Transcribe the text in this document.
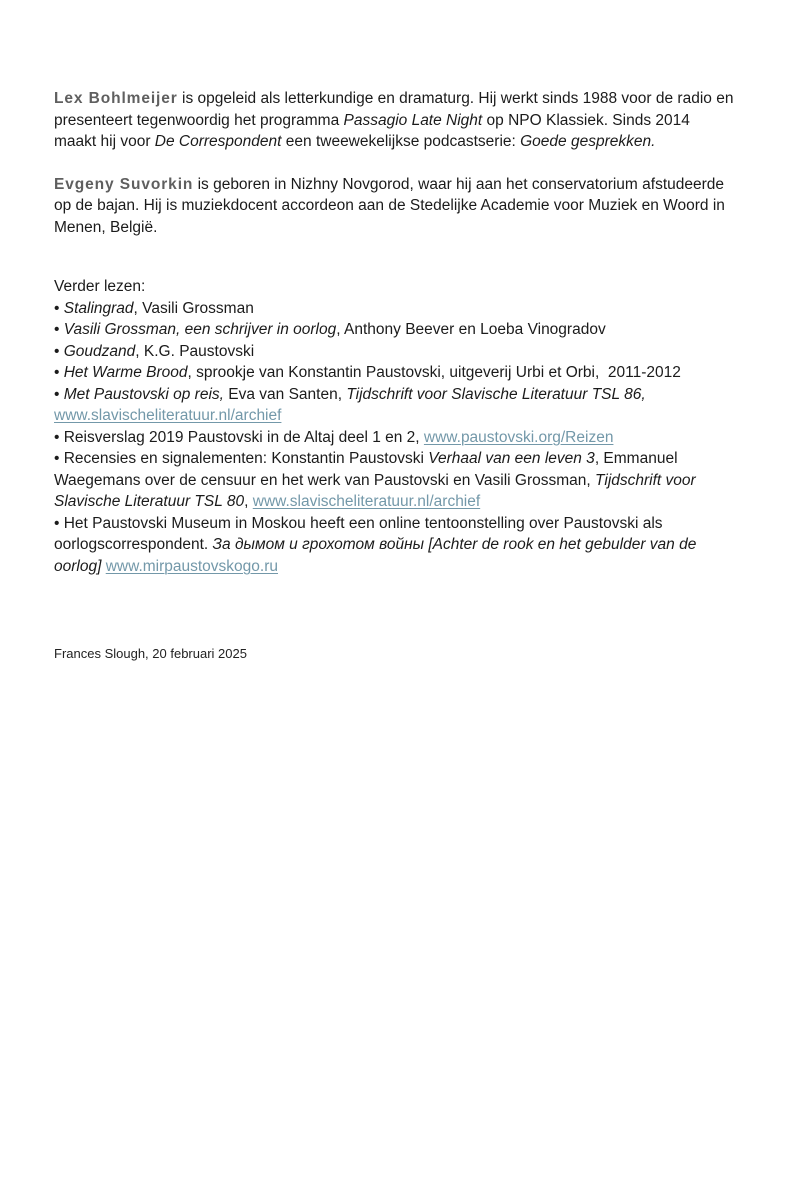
Lex Bohlmeijer is opgeleid als letterkundige en dramaturg. Hij werkt sinds 1988 voor de radio en presenteert tegenwoordig het programma Passagio Late Night op NPO Klassiek. Sinds 2014 maakt hij voor De Correspondent een tweewekelijkse podcastserie: Goede gesprekken.

Evgeny Suvorkin is geboren in Nizhny Novgorod, waar hij aan het conservatorium afstudeerde op de bajan. Hij is muziekdocent accordeon aan de Stedelijke Academie voor Muziek en Woord in Menen, België.

Verder lezen:

• Stalingrad, Vasili Grossman
• Vasili Grossman, een schrijver in oorlog, Anthony Beever en Loeba Vinogradov
• Goudzand, K.G. Paustovski
• Het Warme Brood, sprookje van Konstantin Paustovski, uitgeverij Urbi et Orbi,  2011-2012
• Met Paustovski op reis, Eva van Santen, Tijdschrift voor Slavische Literatuur TSL 86, www.slavischeliteratuur.nl/archief
• Reisverslag 2019 Paustovski in de Altaj deel 1 en 2, www.paustovski.org/Reizen
• Recensies en signalementen: Konstantin Paustovski Verhaal van een leven 3, Emmanuel Waegemans over de censuur en het werk van Paustovski en Vasili Grossman, Tijdschrift voor Slavische Literatuur TSL 80, www.slavischeliteratuur.nl/archief
• Het Paustovski Museum in Moskou heeft een online tentoonstelling over Paustovski als oorlogscorrespondent. За дымом и грохотом войны [Achter de rook en het gebulder van de oorlog] www.mirpaustovskogo.ru

Frances Slough, 20 februari 2025
